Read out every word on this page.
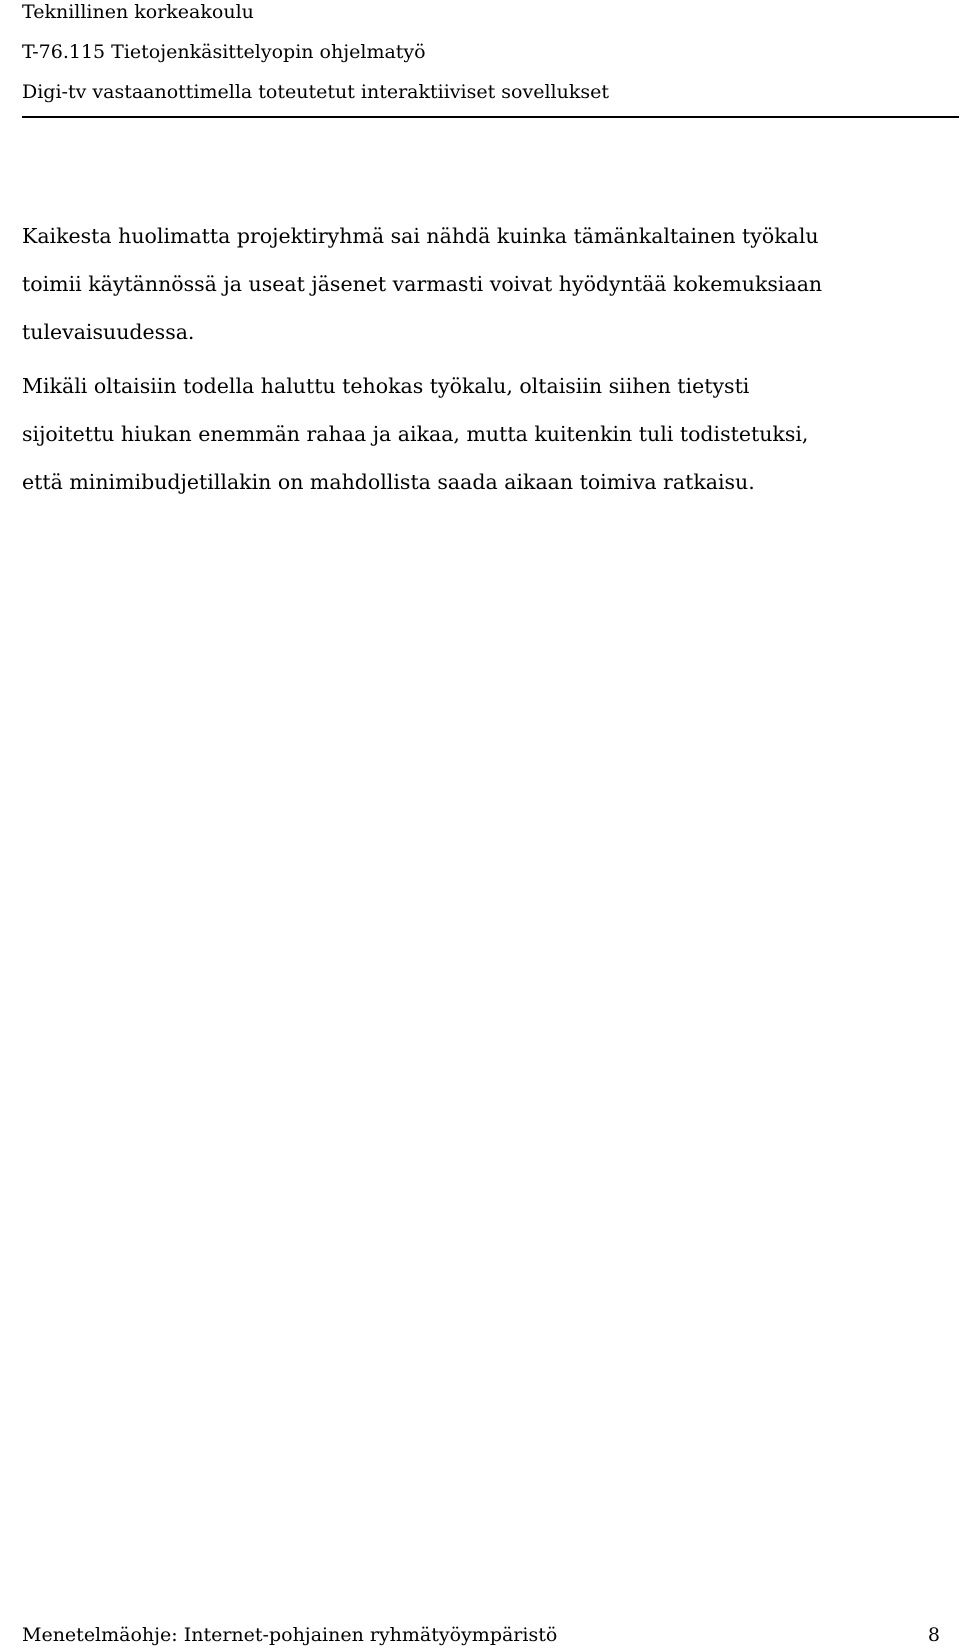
Teknillinen korkeakoulu
T-76.115 Tietojenkäsittelyopin ohjelmatyö
Digi-tv vastaanottimella toteutetut interaktiiviset sovellukset

Kaikesta huolimatta projektiryhmä sai nähdä kuinka tämänkaltainen työkalu
toimii käytännössä ja useat jäsenet varmasti voivat hyödyntää kokemuksiaan
tulevaisuudessa.

Mikäli oltaisiin todella haluttu tehokas työkalu, oltaisiin siihen tietysti
sijoitettu hiukan enemmän rahaa ja aikaa, mutta kuitenkin tuli todistetuksi,
että minimibudjetillakin on mahdollista saada aikaan toimiva ratkaisu.

Menetelmäohje: Internet-pohjainen ryhmätyöympäristö	8
